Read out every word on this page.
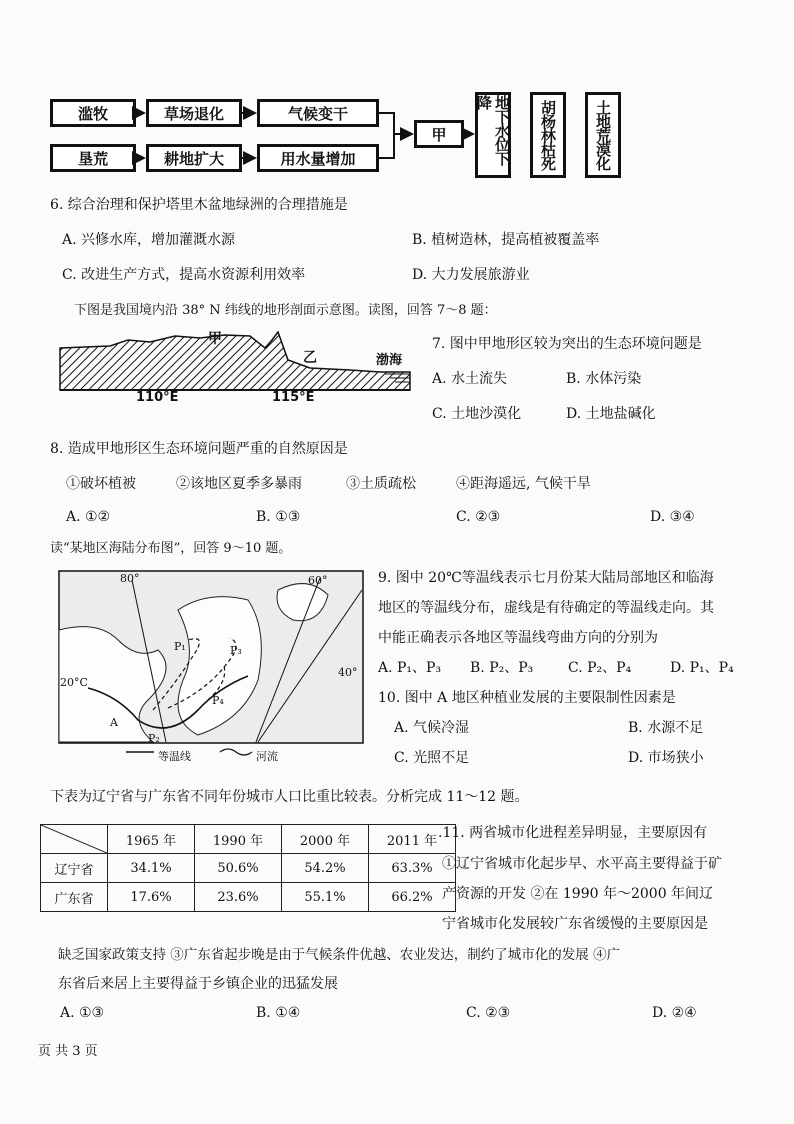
滥牧
垦荒
草场退化
耕地扩大
气候变干
用水量增加
甲	地下水位下降	胡杨林枯死	土地荒漠化
6. 综合治理和保护塔里木盆地绿洲的合理措施是
A. 兴修水库，增加灌溉水源	B. 植树造林，提高植被覆盖率
C. 改进生产方式，提高水资源利用效率	D. 大力发展旅游业
下图是我国境内沿 38° N 纬线的地形剖面示意图。读图，回答 7～8 题：
甲
乙	渤海
110°E	115°E
7. 图中甲地形区较为突出的生态环境问题是
A. 水土流失	B. 水体污染
C. 土地沙漠化	D. 土地盐碱化
8. 造成甲地形区生态环境问题严重的自然原因是
①破坏植被	②该地区夏季多暴雨	③土质疏松	④距海遥远, 气候干旱
A. ①②	B. ①③	C. ②③	D. ③④
读“某地区海陆分布图”，回答 9～10 题。
80°	60°
40°
20°C
P₁	P₃
P₄
P₂
A
等温线	河流
9. 图中 20℃等温线表示七月份某大陆局部地区和临海
地区的等温线分布，虚线是有待确定的等温线走向。其
中能正确表示各地区等温线弯曲方向的分别为
A. P₁、P₃ B. P₂、P₃ C. P₂、P₄	D. P₁、P₄
10. 图中 A 地区种植业发展的主要限制性因素是
A. 气候冷湿	B. 水源不足
C. 光照不足	D. 市场狭小
下表为辽宁省与广东省不同年份城市人口比重比较表。分析完成 11～12 题。
	1965 年	1990 年	2000 年	2011 年
辽宁省	34.1%	50.6%	54.2%	63.3%
广东省	17.6%	23.6%	55.1%	66.2%
.11. 两省城市化进程差异明显，主要原因有
①辽宁省城市化起步早、水平高主要得益于矿
产资源的开发 ②在 1990 年～2000 年间辽
宁省城市化发展较广东省缓慢的主要原因是
缺乏国家政策支持 ③广东省起步晚是由于气候条件优越、农业发达，制约了城市化的发展 ④广
东省后来居上主要得益于乡镇企业的迅猛发展
A. ①③	B. ①④	C. ②③	D. ②④
页 共 3 页
